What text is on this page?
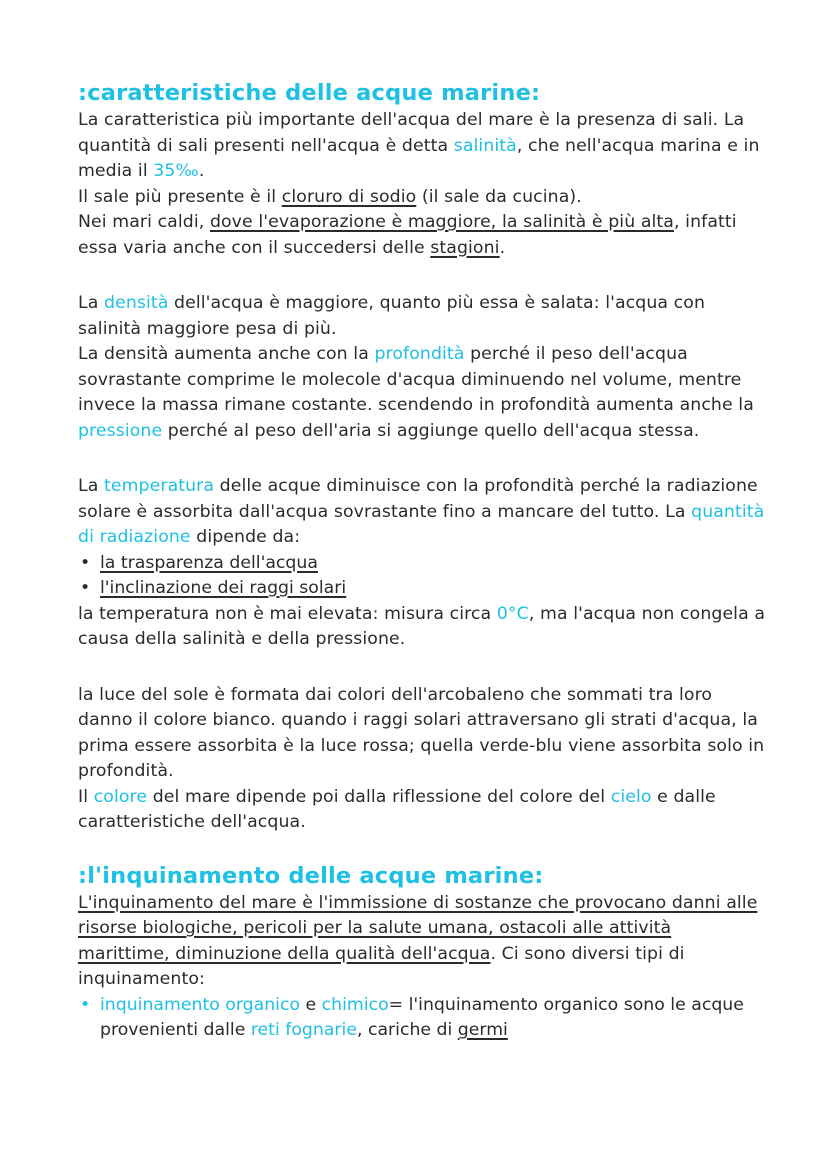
:caratteristiche delle acque marine:

La caratteristica più importante dell'acqua del mare è la presenza di sali. La quantità di sali presenti nell'acqua è detta salinità, che nell'acqua marina e in media il 35‰.
Il sale più presente è il cloruro di sodio (il sale da cucina).
Nei mari caldi, dove l'evaporazione è maggiore, la salinità è più alta, infatti essa varia anche con il succedersi delle stagioni.

La densità dell'acqua è maggiore, quanto più essa è salata: l'acqua con salinità maggiore pesa di più.
La densità aumenta anche con la profondità perché il peso dell'acqua sovrastante comprime le molecole d'acqua diminuendo nel volume, mentre invece la massa rimane costante. scendendo in profondità aumenta anche la pressione perché al peso dell'aria si aggiunge quello dell'acqua stessa.

La temperatura delle acque diminuisce con la profondità perché la radiazione solare è assorbita dall'acqua sovrastante fino a mancare del tutto. La quantità di radiazione dipende da:

• la trasparenza dell'acqua
• l'inclinazione dei raggi solari

la temperatura non è mai elevata: misura circa 0°C, ma l'acqua non congela a causa della salinità e della pressione.

la luce del sole è formata dai colori dell'arcobaleno che sommati tra loro danno il colore bianco. quando i raggi solari attraversano gli strati d'acqua, la prima essere assorbita è la luce rossa; quella verde-blu viene assorbita solo in profondità.
Il colore del mare dipende poi dalla riflessione del colore del cielo e dalle caratteristiche dell'acqua.

:l'inquinamento delle acque marine:

L'inquinamento del mare è l'immissione di sostanze che provocano danni alle risorse biologiche, pericoli per la salute umana, ostacoli alle attività marittime, diminuzione della qualità dell'acqua. Ci sono diversi tipi di inquinamento:

• inquinamento organico e chimico= l'inquinamento organico sono le acque provenienti dalle reti fognarie, cariche di germi
